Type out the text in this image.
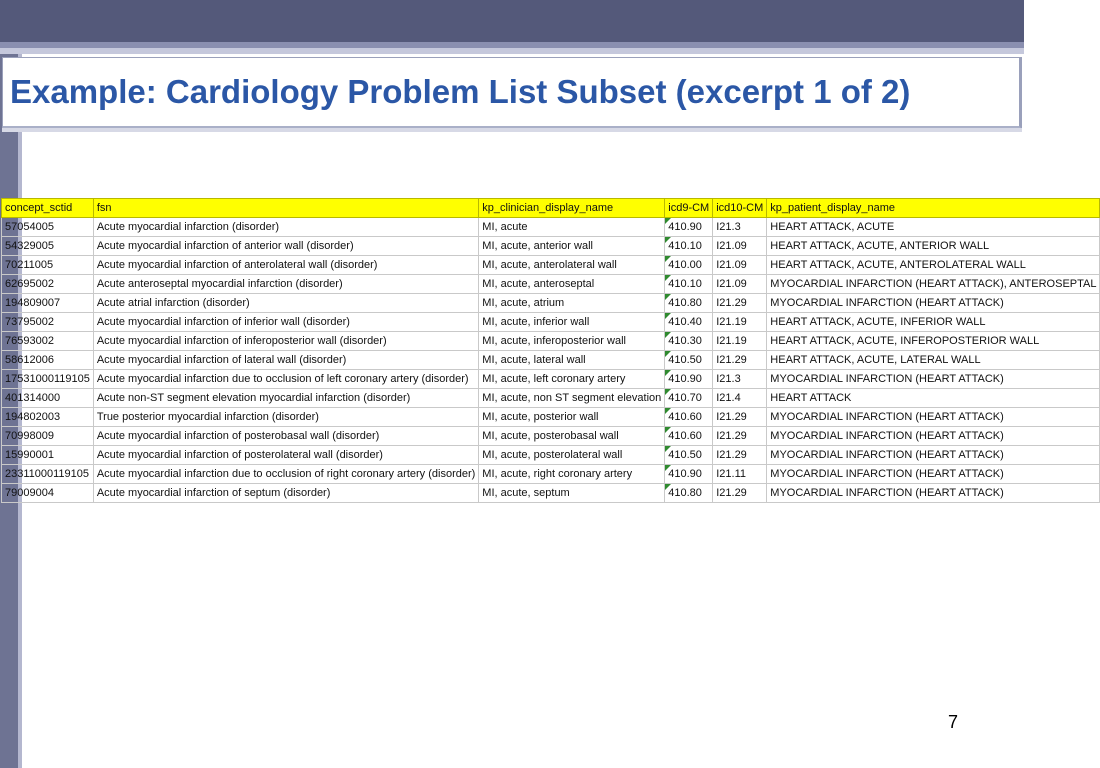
Example: Cardiology Problem List Subset (excerpt 1 of 2)
concept_sctid	fsn	kp_clinician_display_name	icd9-CM	icd10-CM	kp_patient_display_name
57054005	Acute myocardial infarction (disorder)	MI, acute	410.90	I21.3	HEART ATTACK, ACUTE
54329005	Acute myocardial infarction of anterior wall (disorder)	MI, acute, anterior wall	410.10	I21.09	HEART ATTACK, ACUTE, ANTERIOR WALL
70211005	Acute myocardial infarction of anterolateral wall (disorder)	MI, acute, anterolateral wall	410.00	I21.09	HEART ATTACK, ACUTE, ANTEROLATERAL WALL
62695002	Acute anteroseptal myocardial infarction (disorder)	MI, acute, anteroseptal	410.10	I21.09	MYOCARDIAL INFARCTION (HEART ATTACK), ANTEROSEPTAL
194809007	Acute atrial infarction (disorder)	MI, acute, atrium	410.80	I21.29	MYOCARDIAL INFARCTION (HEART ATTACK)
73795002	Acute myocardial infarction of inferior wall (disorder)	MI, acute, inferior wall	410.40	I21.19	HEART ATTACK, ACUTE, INFERIOR WALL
76593002	Acute myocardial infarction of inferoposterior wall (disorder)	MI, acute, inferoposterior wall	410.30	I21.19	HEART ATTACK, ACUTE, INFEROPOSTERIOR WALL
58612006	Acute myocardial infarction of lateral wall (disorder)	MI, acute, lateral wall	410.50	I21.29	HEART ATTACK, ACUTE, LATERAL WALL
17531000119105	Acute myocardial infarction due to occlusion of left coronary artery (disorder)	MI, acute, left coronary artery	410.90	I21.3	MYOCARDIAL INFARCTION (HEART ATTACK)
401314000	Acute non-ST segment elevation myocardial infarction (disorder)	MI, acute, non ST segment elevation	410.70	I21.4	HEART ATTACK
194802003	True posterior myocardial infarction (disorder)	MI, acute, posterior wall	410.60	I21.29	MYOCARDIAL INFARCTION (HEART ATTACK)
70998009	Acute myocardial infarction of posterobasal wall (disorder)	MI, acute, posterobasal wall	410.60	I21.29	MYOCARDIAL INFARCTION (HEART ATTACK)
15990001	Acute myocardial infarction of posterolateral wall (disorder)	MI, acute, posterolateral wall	410.50	I21.29	MYOCARDIAL INFARCTION (HEART ATTACK)
23311000119105	Acute myocardial infarction due to occlusion of right coronary artery (disorder)	MI, acute, right coronary artery	410.90	I21.11	MYOCARDIAL INFARCTION (HEART ATTACK)
79009004	Acute myocardial infarction of septum (disorder)	MI, acute, septum	410.80	I21.29	MYOCARDIAL INFARCTION (HEART ATTACK)
7
